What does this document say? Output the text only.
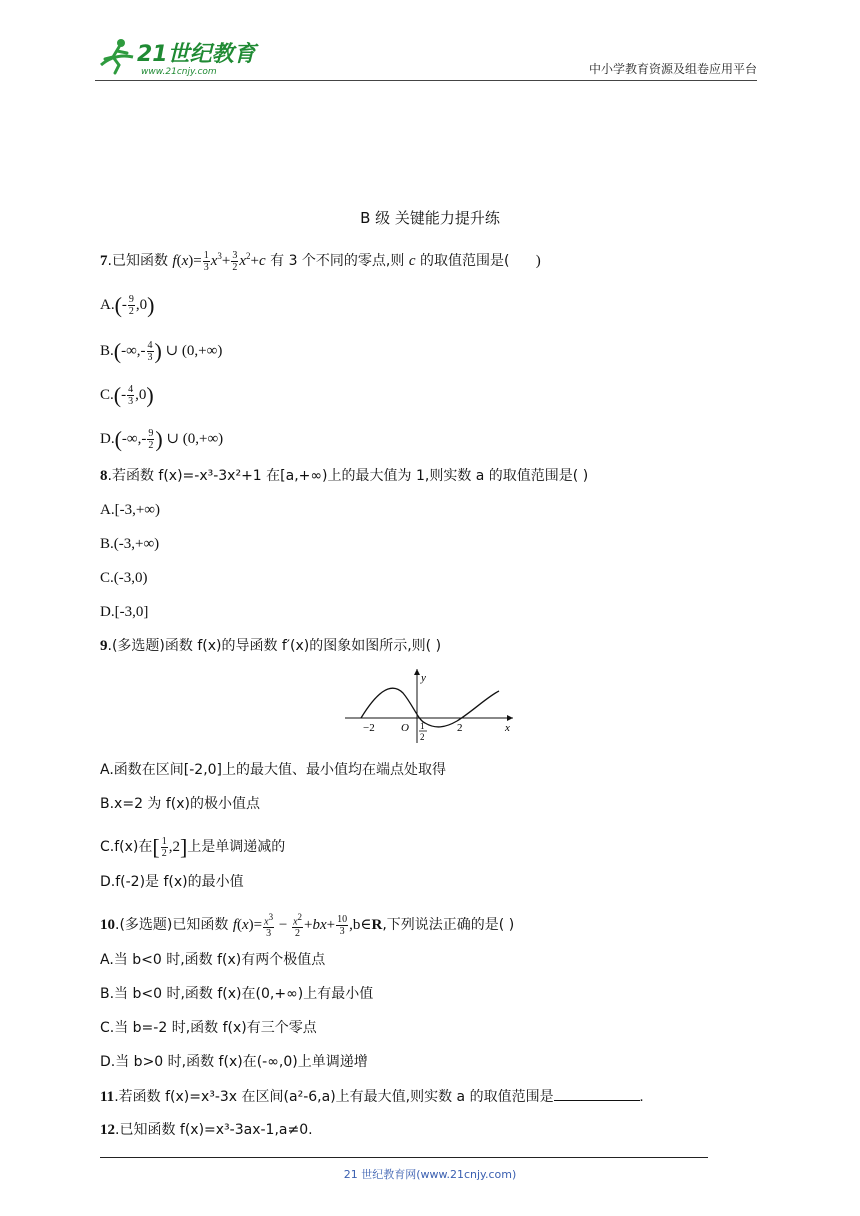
21世纪教育
www.21cnjy.com	中小学教育资源及组卷应用平台
B 级 关键能力提升练
7.已知函数 $f(x)= \frac{1}{3} x^3+ \frac{3}{2} x^2+c$ 有 3 个不同的零点,则 c 的取值范围是( )
$A.(- \frac{9}{2} ,0)$
$B.(-\infty,- \frac{4}{3}$ ) ∪ (0,+∞)
$C.(- \frac{4}{3} ,0)$
$D.(-\infty,- \frac{9}{2}$ ) ∪ (0,+∞)
8.若函数 f(x)=-x³-3x²+1 在[a,+∞)上的最大值为 1,则实数 a 的取值范围是( )
A.[-3,+∞)
B.(-3,+∞)
C.(-3,0)
D.[-3,0]
9.(多选题)函数 f(x)的导函数 f′(x)的图象如图所示,则( )
y
x
O
−2	2
1
2
A.函数在区间[-2,0]上的最大值、最小值均在端点处取得
B.x=2 为 f(x)的极小值点
C.f(x)在[ $\frac{1}{2} ,2$]上是单调递减的
D.f(-2)是 f(x)的最小值
10.(多选题)已知函数 $f(x)= \frac{x^3}{3} - \frac{x^2}{2} +bx+ \frac{10}{3}$ ,b∈R,下列说法正确的是( )
A.当 b<0 时,函数 f(x)有两个极值点
B.当 b<0 时,函数 f(x)在(0,+∞)上有最小值
C.当 b=-2 时,函数 f(x)有三个零点
D.当 b>0 时,函数 f(x)在(-∞,0)上单调递增
11.若函数 f(x)=x³-3x 在区间(a²-6,a)上有最大值,则实数 a 的取值范围是	.
12.已知函数 f(x)=x³-3ax-1,a≠0.
21 世纪教育网(www.21cnjy.com)
